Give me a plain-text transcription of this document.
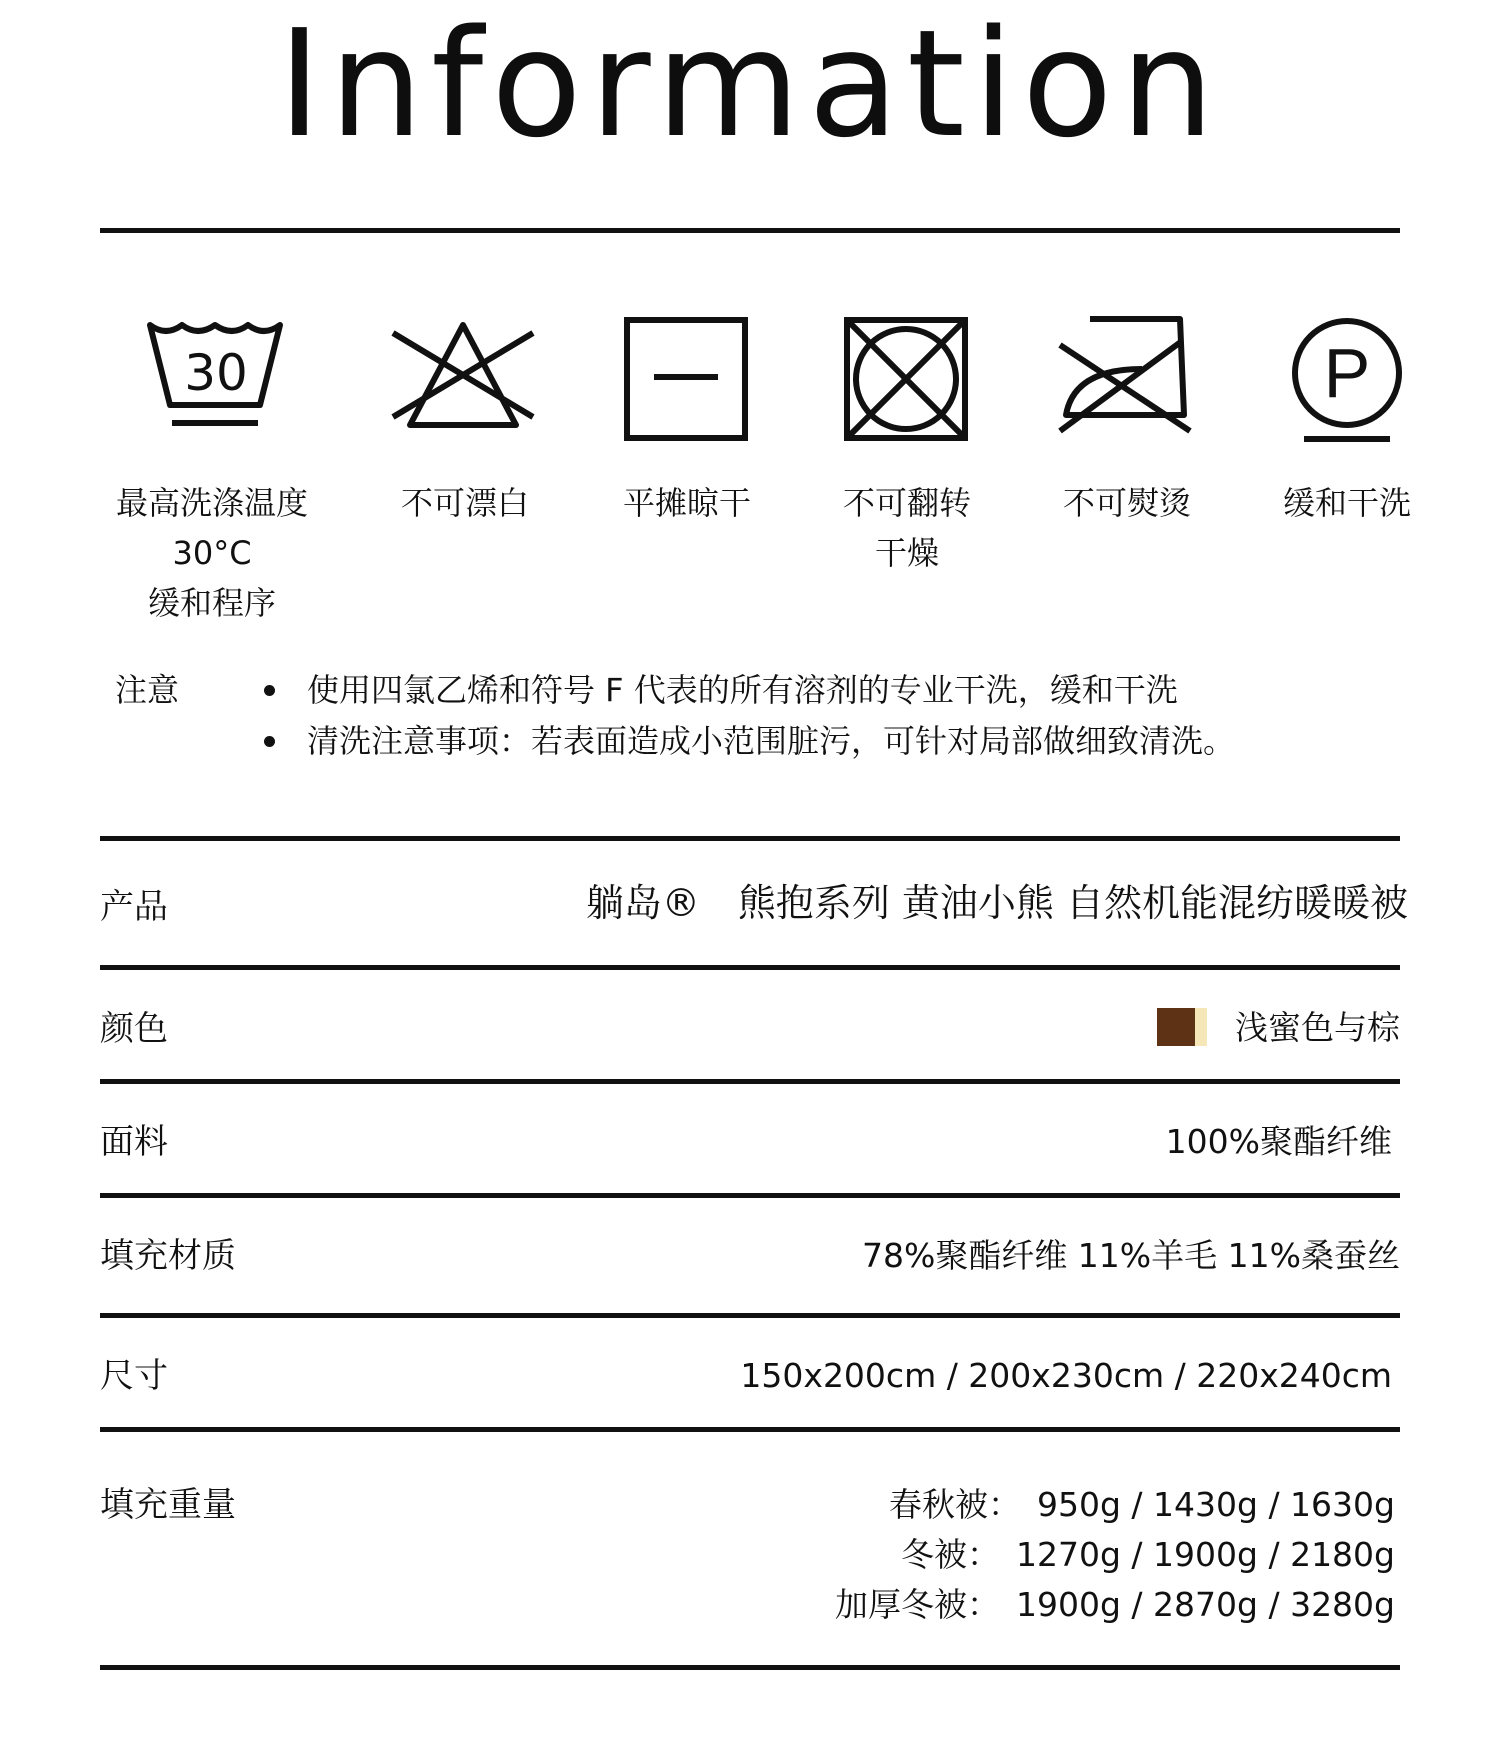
Information
30	P
最高洗涤温度
30°C
缓和程序
不可漂白	平摊晾干	不可翻转
干燥
不可熨烫	缓和干洗
注意	使用四氯乙烯和符号 F 代表的所有溶剂的专业干洗，缓和干洗
清洗注意事项：若表面造成小范围脏污，可针对局部做细致清洗。
产品	躺岛®　熊抱系列 黄油小熊 自然机能混纺暖暖被
颜色	浅蜜色与棕
面料	100%聚酯纤维
填充材质	78%聚酯纤维 11%羊毛 11%桑蚕丝
尺寸	150x200cm / 200x230cm / 220x240cm
填充重量	春秋被： 950g / 1430g / 1630g
冬被： 1270g / 1900g / 2180g
加厚冬被： 1900g / 2870g / 3280g
